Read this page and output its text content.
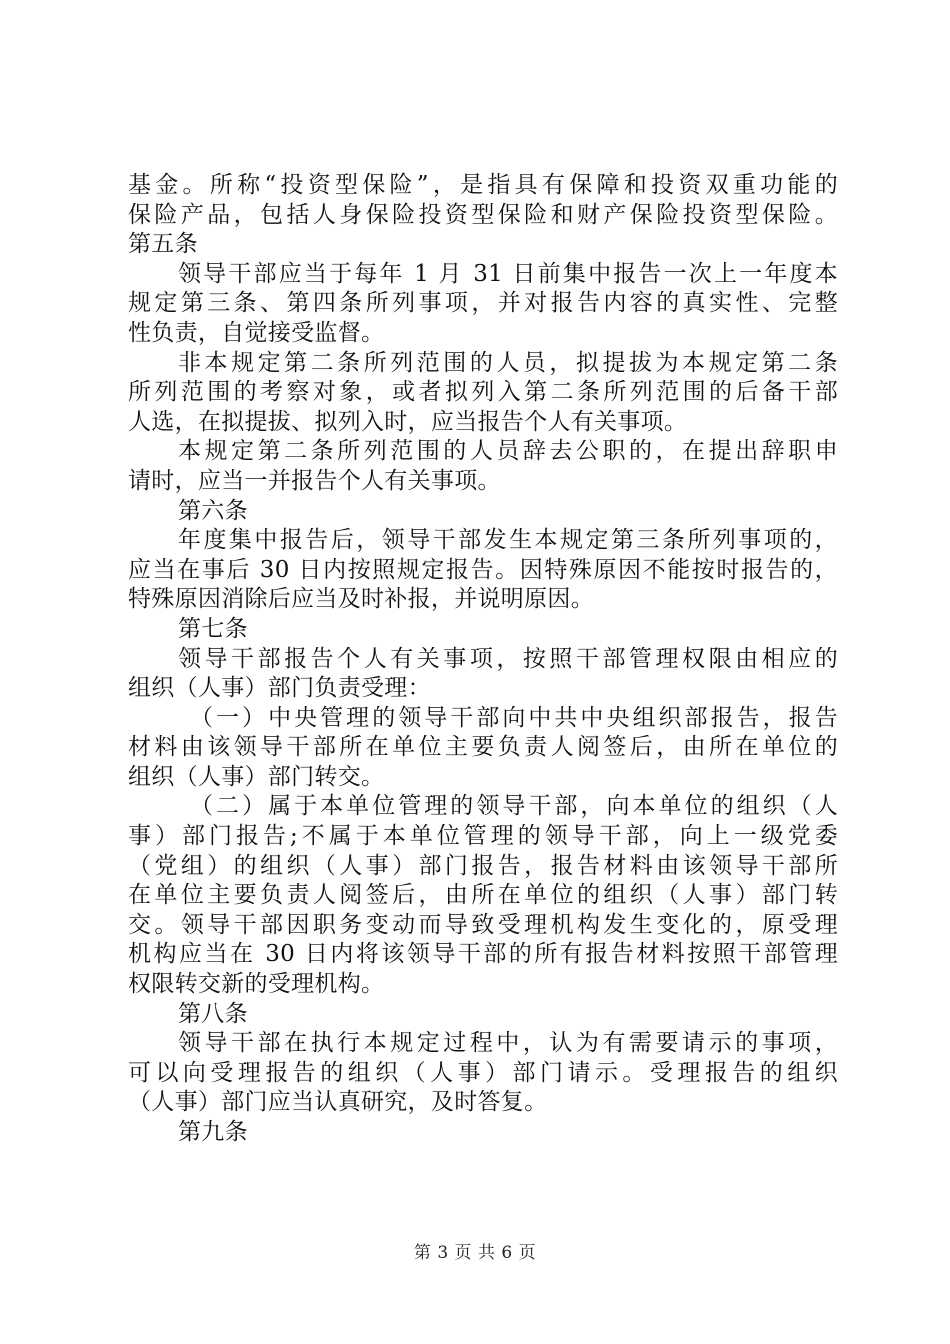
基金。所称“投资型保险”，是指具有保障和投资双重功能的
保险产品，包括人身保险投资型保险和财产保险投资型保险。
第五条
领导干部应当于每年 1 月 31 日前集中报告一次上一年度本
规定第三条、第四条所列事项，并对报告内容的真实性、完整
性负责，自觉接受监督。
非本规定第二条所列范围的人员，拟提拔为本规定第二条
所列范围的考察对象，或者拟列入第二条所列范围的后备干部
人选，在拟提拔、拟列入时，应当报告个人有关事项。
本规定第二条所列范围的人员辞去公职的，在提出辞职申
请时，应当一并报告个人有关事项。
第六条
年度集中报告后，领导干部发生本规定第三条所列事项的，
应当在事后 30 日内按照规定报告。因特殊原因不能按时报告的，
特殊原因消除后应当及时补报，并说明原因。
第七条
领导干部报告个人有关事项，按照干部管理权限由相应的
组织（人事）部门负责受理：
（一）中央管理的领导干部向中共中央组织部报告，报告
材料由该领导干部所在单位主要负责人阅签后，由所在单位的
组织（人事）部门转交。
（二）属于本单位管理的领导干部，向本单位的组织（人
事）部门报告;不属于本单位管理的领导干部，向上一级党委
（党组）的组织（人事）部门报告，报告材料由该领导干部所
在单位主要负责人阅签后，由所在单位的组织（人事）部门转
交。领导干部因职务变动而导致受理机构发生变化的，原受理
机构应当在 30 日内将该领导干部的所有报告材料按照干部管理
权限转交新的受理机构。
第八条
领导干部在执行本规定过程中，认为有需要请示的事项，
可以向受理报告的组织（人事）部门请示。受理报告的组织
（人事）部门应当认真研究，及时答复。
第九条
第 3 页 共 6 页
